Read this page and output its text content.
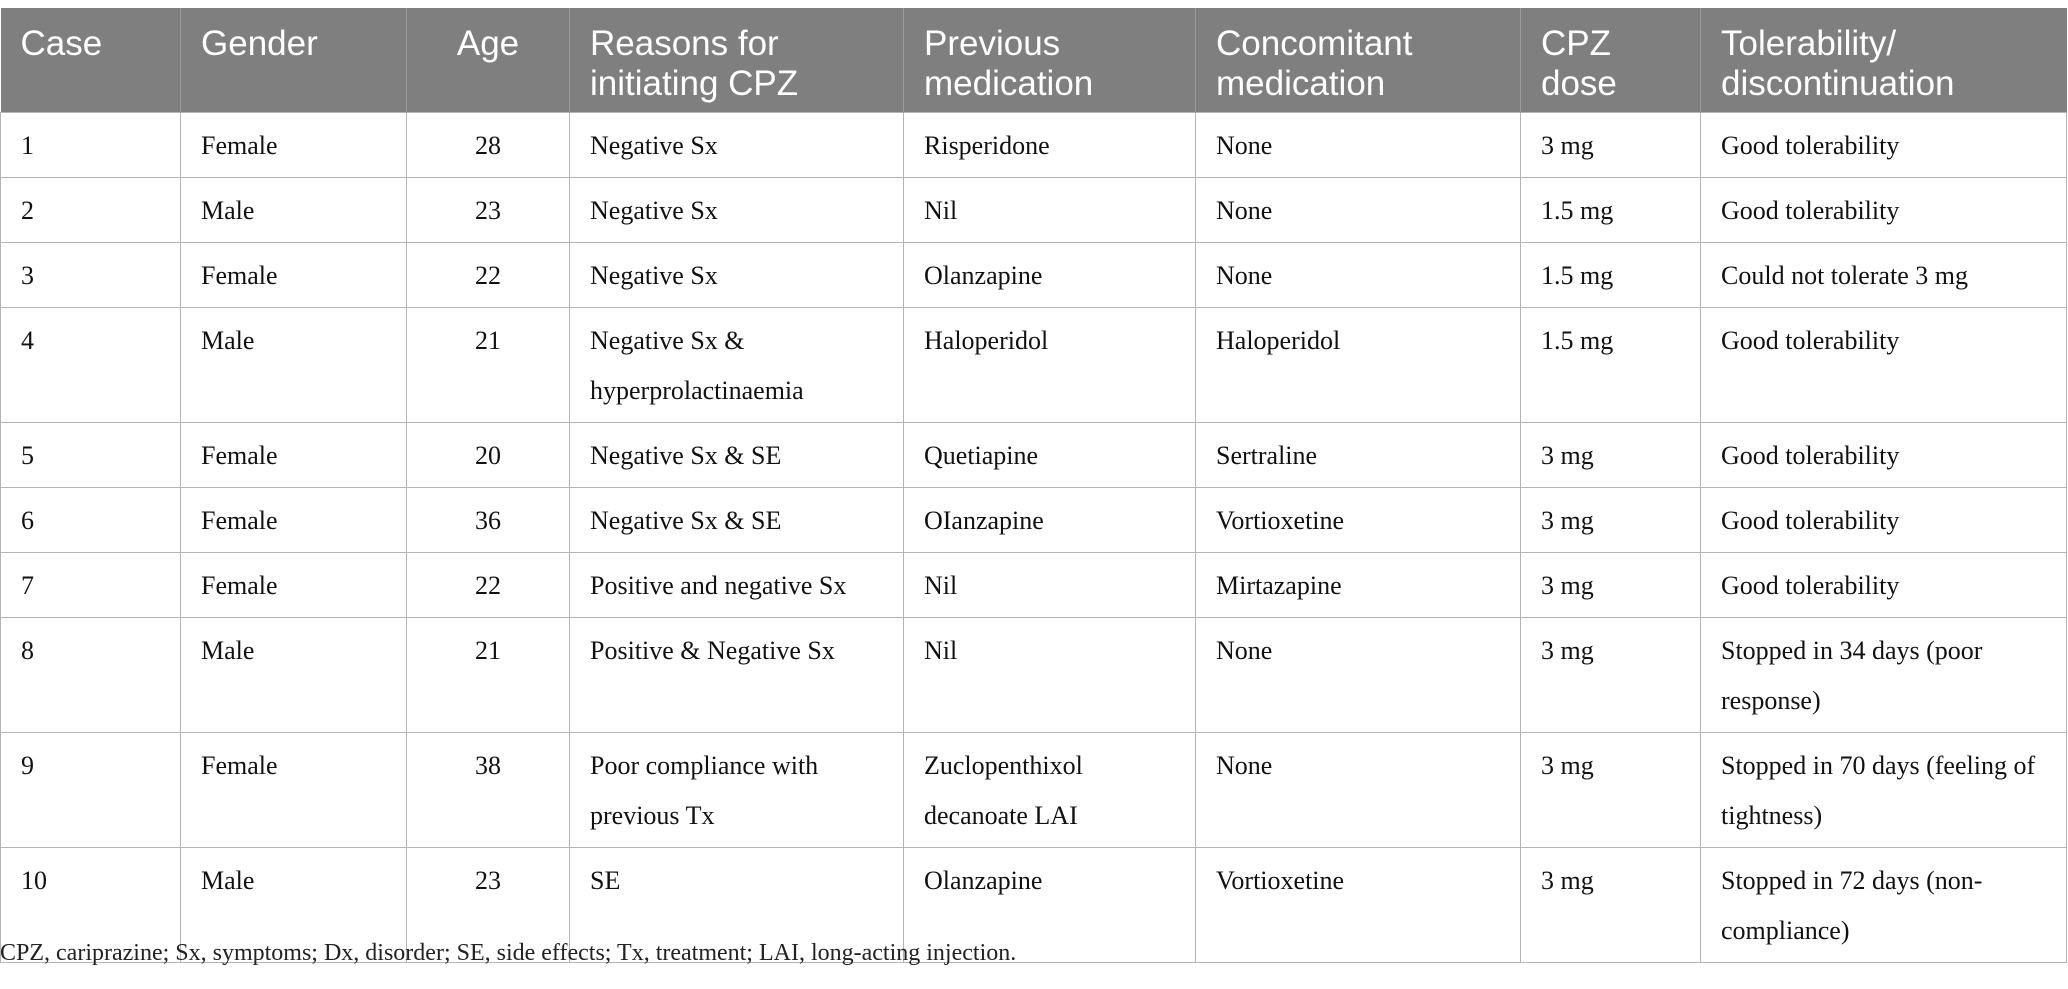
Case	Gender	Age	Reasons for initiating CPZ	Previous medication	Concomitant medication	CPZ dose	Tolerability/ discontinuation
1	Female	28	Negative Sx	Risperidone	None	3 mg	Good tolerability
2	Male	23	Negative Sx	Nil	None	1.5 mg	Good tolerability
3	Female	22	Negative Sx	Olanzapine	None	1.5 mg	Could not tolerate 3 mg
4	Male	21	Negative Sx & hyperprolactinaemia	Haloperidol	Haloperidol	1.5 mg	Good tolerability
5	Female	20	Negative Sx & SE	Quetiapine	Sertraline	3 mg	Good tolerability
6	Female	36	Negative Sx & SE	OIanzapine	Vortioxetine	3 mg	Good tolerability
7	Female	22	Positive and negative Sx	Nil	Mirtazapine	3 mg	Good tolerability
8	Male	21	Positive & Negative Sx	Nil	None	3 mg	Stopped in 34 days (poor response)
9	Female	38	Poor compliance with previous Tx	Zuclopenthixol decanoate LAI	None	3 mg	Stopped in 70 days (feeling of tightness)
10	Male	23	SE	Olanzapine	Vortioxetine	3 mg	Stopped in 72 days (non-compliance)
CPZ, cariprazine; Sx, symptoms; Dx, disorder; SE, side effects; Tx, treatment; LAI, long-acting injection.
